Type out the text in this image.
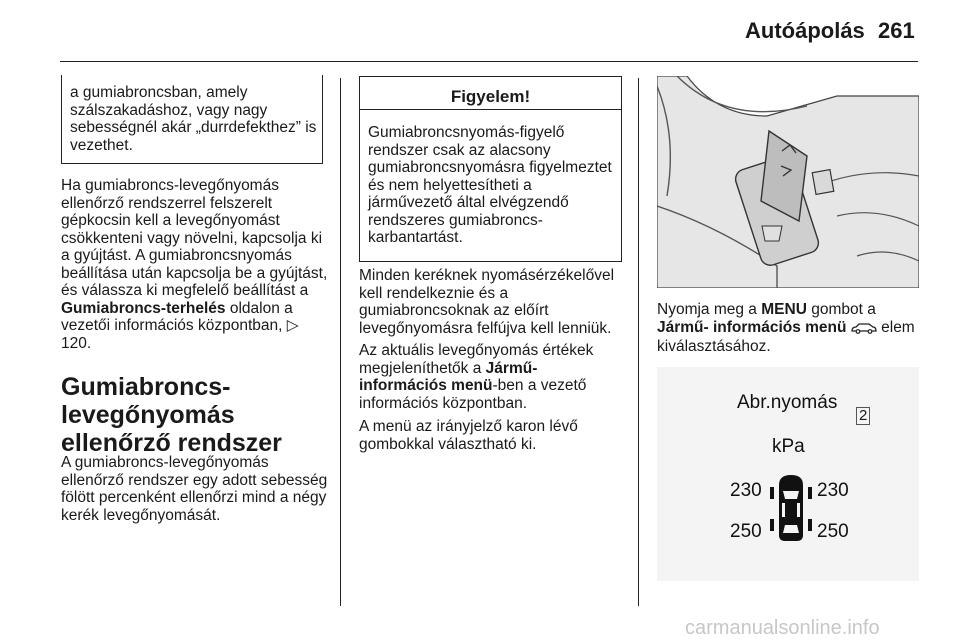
Autóápolás 261

a gumiabroncsban, amely szálszakadáshoz, vagy nagy sebességnél akár „durrdefekthez” is vezethet.

Ha gumiabroncs-levegőnyomás ellenőrző rendszerrel felszerelt gépkocsin kell a levegőnyomást csökkenteni vagy növelni, kapcsolja ki a gyújtást. A gumiabroncsnyomás beállítása után kapcsolja be a gyújtást, és válassza ki megfelelő beállítást a Gumiabroncs-terhelés oldalon a vezetői információs központban, ▷ 120.
Gumiabroncs-levegőnyomás ellenőrző rendszer

A gumiabroncs-levegőnyomás ellenőrző rendszer egy adott sebesség fölött percenként ellenőrzi mind a négy kerék levegőnyomását.

Figyelem!

Gumiabroncsnyomás-figyelő rendszer csak az alacsony gumiabroncsnyomásra figyelmeztet és nem helyettesítheti a járművezető által elvégzendő rendszeres gumiabroncs-karbantartást.

Minden keréknek nyomásérzékelővel kell rendelkeznie és a gumiabroncsoknak az előírt levegőnyomásra felfújva kell lenniük.

Az aktuális levegőnyomás értékek megjeleníthetők a Jármű-információs menü-ben a vezető információs központban.

A menü az irányjelző karon lévő gombokkal választható ki.

Nyomja meg a MENU gombot a
Jármű- információs menü elem kiválasztásához.
Abr.nyomás
2
kPa
230	230
250	250
carmanualsonline.info
